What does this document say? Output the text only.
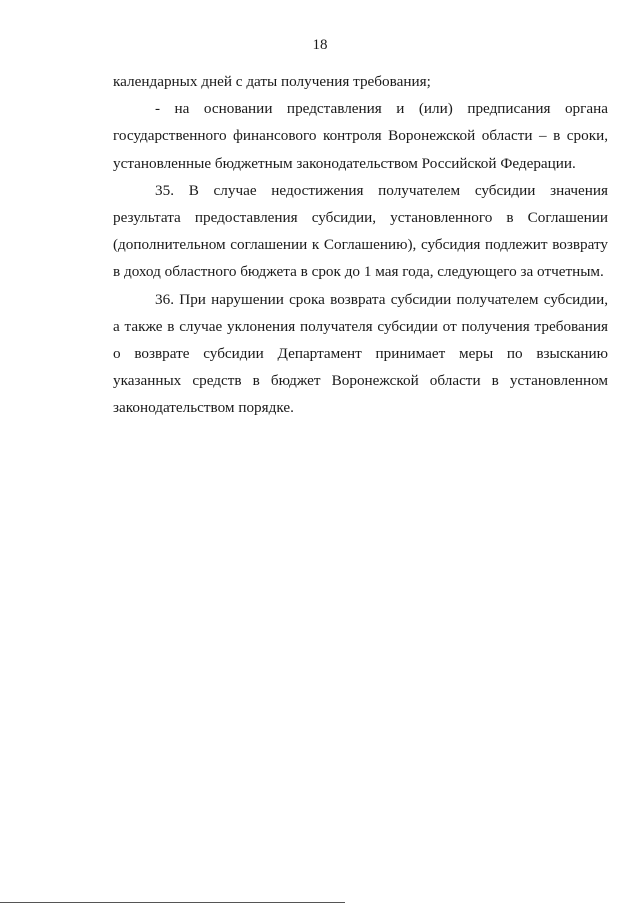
18

календарных дней с даты получения требования;

- на основании представления и (или) предписания органа государственного финансового контроля Воронежской области – в сроки, установленные бюджетным законодательством Российской Федерации.

35. В случае недостижения получателем субсидии значения результата предоставления субсидии, установленного в Соглашении (дополнительном соглашении к Соглашению), субсидия подлежит возврату в доход областного бюджета в срок до 1 мая года, следующего за отчетным.

36. При нарушении срока возврата субсидии получателем субсидии, а также в случае уклонения получателя субсидии от получения требования о возврате субсидии Департамент принимает меры по взысканию указанных средств в бюджет Воронежской области в установленном законодательством порядке.
